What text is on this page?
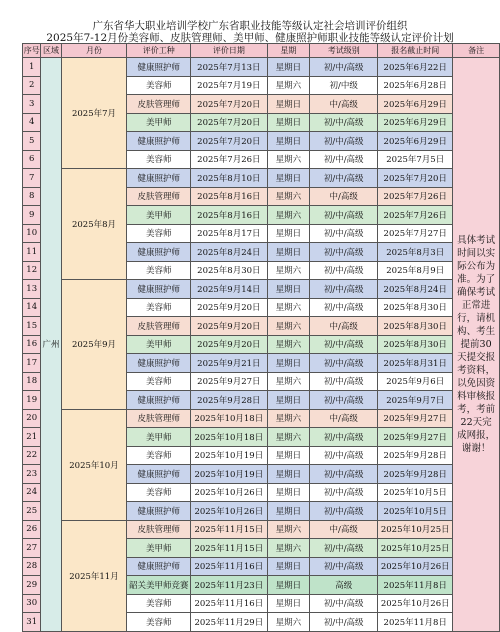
广东省华大职业培训学校广东省职业技能等级认定社会培训评价组织
2025年7-12月份美容师、皮肤管理师、美甲师、健康照护师职业技能等级认定评价计划
序号	区域	月份	评价工种	评价日期	星期	考试级别	报名截止时间	备注
1	广州	2025年7月	健康照护师	2025年7月13日	星期日	初/中/高级	2025年6月22日	具体考试时间以实际公布为准。为了确保考试正常进行，请机构、考生提前30天提交报考资料，以免因资料审核报考，考前22天完成网报，谢谢！
2			美容师	2025年7月19日	星期六	初/中级	2025年6月28日	
3			皮肤管理师	2025年7月20日	星期日	中/高级	2025年6月29日	
4			美甲师	2025年7月20日	星期日	初/中/高级	2025年6月29日	
5			健康照护师	2025年7月20日	星期日	初/中/高级	2025年6月29日	
6			美容师	2025年7月26日	星期六	初/中/高级	2025年7月5日	
7		2025年8月	健康照护师	2025年8月10日	星期日	初/中/高级	2025年7月20日	
8			皮肤管理师	2025年8月16日	星期六	中/高级	2025年7月26日	
9			美甲师	2025年8月16日	星期六	初/中/高级	2025年7月26日	
10			美容师	2025年8月17日	星期日	初/中/高级	2025年7月27日	
11			健康照护师	2025年8月24日	星期日	初/中/高级	2025年8月3日	
12			美容师	2025年8月30日	星期六	初/中/高级	2025年8月9日	
13		2025年9月	健康照护师	2025年9月14日	星期日	初/中/高级	2025年8月24日	
14			美容师	2025年9月20日	星期六	初/中/高级	2025年8月30日	
15			皮肤管理师	2025年9月20日	星期六	中/高级	2025年8月30日	
16			美甲师	2025年9月20日	星期六	初/中/高级	2025年8月30日	
17			健康照护师	2025年9月21日	星期日	初/中/高级	2025年8月31日	
18			美容师	2025年9月27日	星期六	初/中/高级	2025年9月6日	
19			健康照护师	2025年9月28日	星期日	初/中/高级	2025年9月7日	
20		2025年10月	皮肤管理师	2025年10月18日	星期六	中/高级	2025年9月27日	
21			美甲师	2025年10月18日	星期六	初/中/高级	2025年9月27日	
22			美容师	2025年10月19日	星期日	初/中/高级	2025年9月28日	
23			健康照护师	2025年10月19日	星期日	初/中/高级	2025年9月28日	
24			美容师	2025年10月26日	星期日	初/中/高级	2025年10月5日	
25			健康照护师	2025年10月26日	星期日	初/中/高级	2025年10月5日	
26		2025年11月	皮肤管理师	2025年11月15日	星期六	中/高级	2025年10月25日	
27			美甲师	2025年11月15日	星期六	初/中/高级	2025年10月25日	
28			健康照护师	2025年11月16日	星期日	初/中/高级	2025年10月26日	
29			韶关美甲师竞赛	2025年11月23日	星期日	高级	2025年11月8日	
30			美容师	2025年11月16日	星期日	初/中/高级	2025年10月26日	
31			美容师	2025年11月29日	星期六	初/中/高级	2025年11月8日	
